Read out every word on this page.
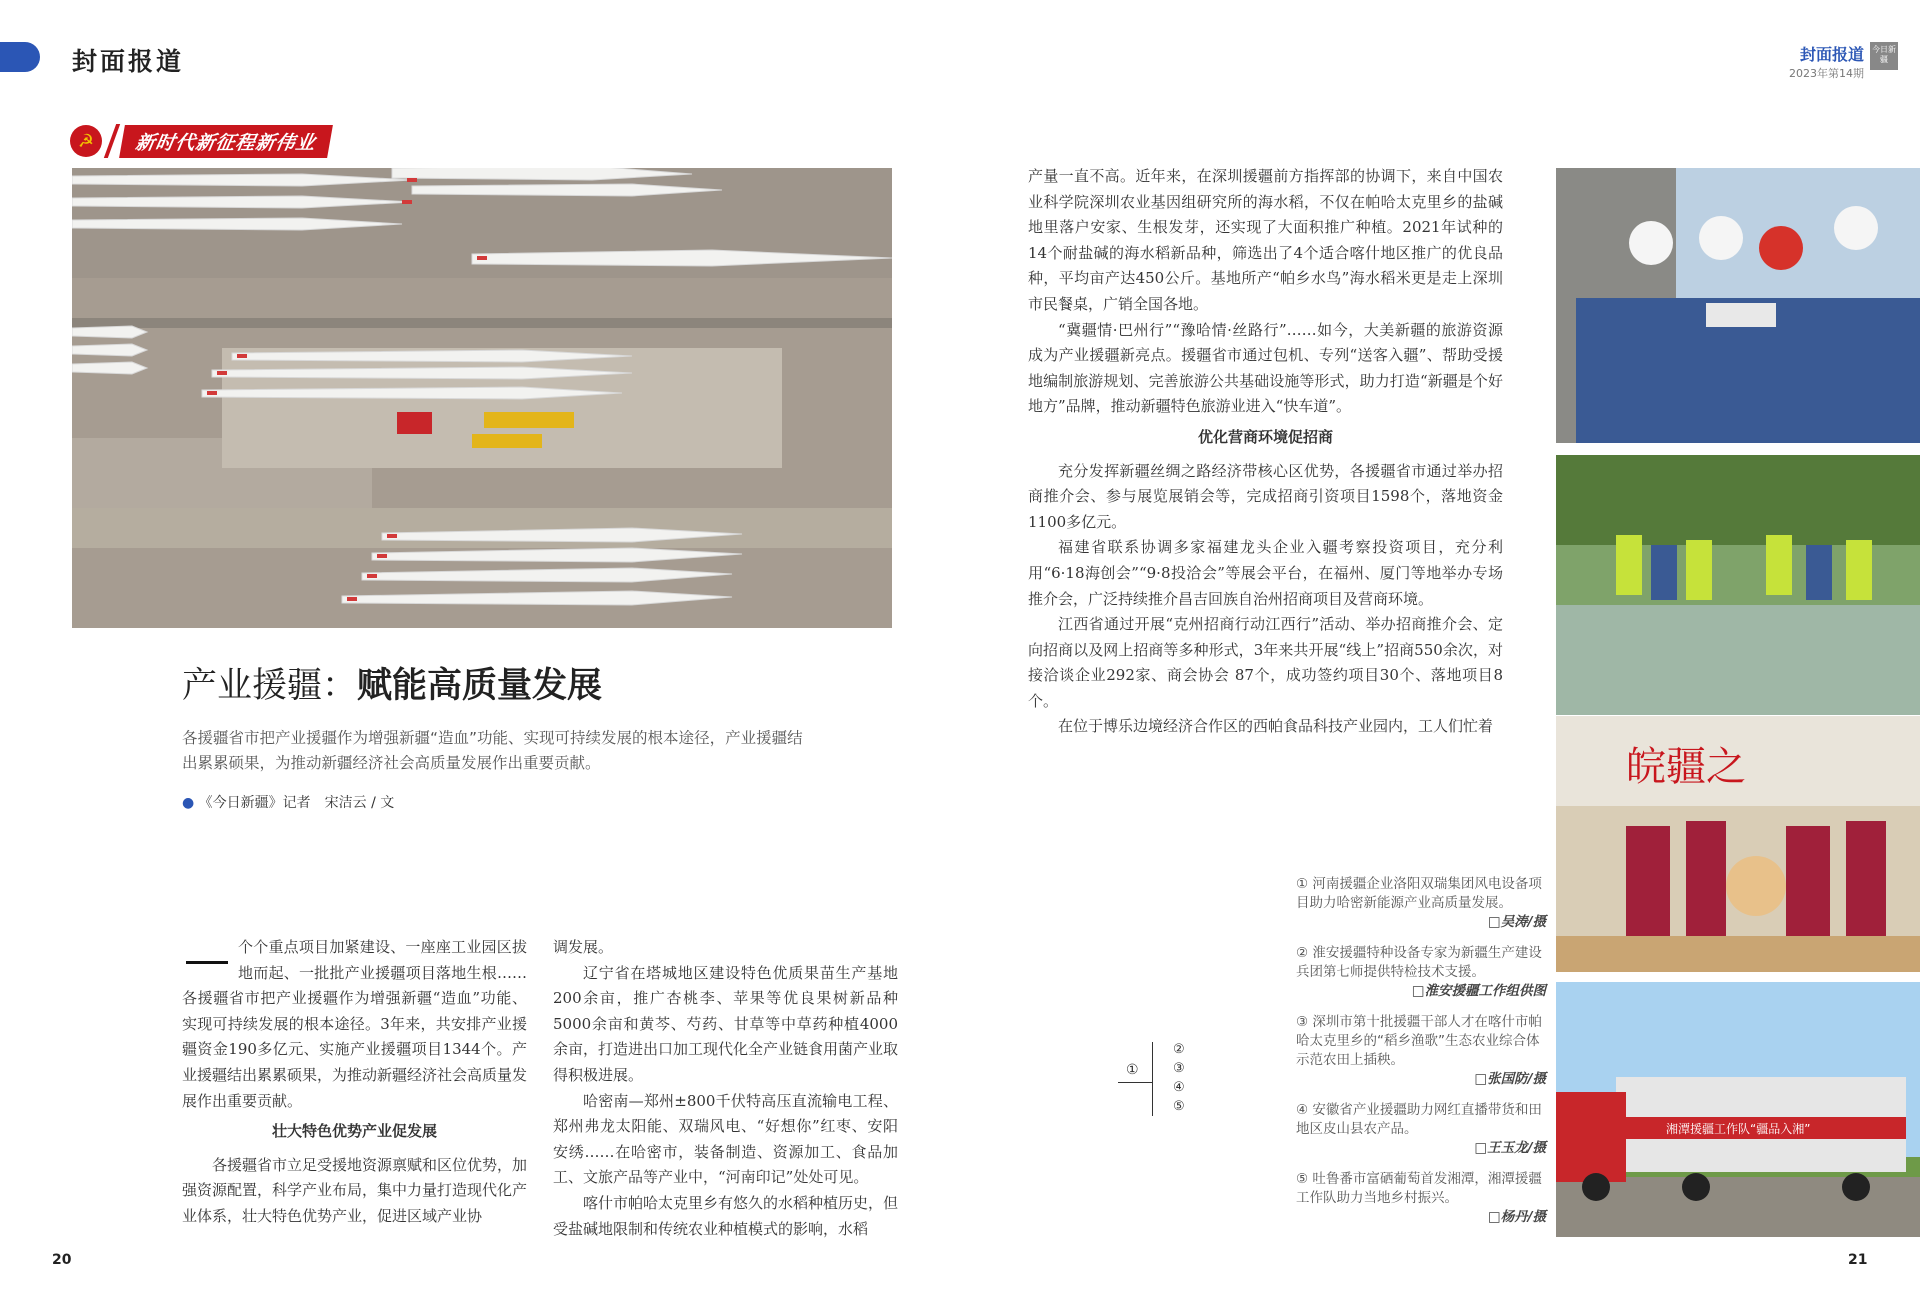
封面报道	封面报道
2023年第14期
今日新疆
☭	新时代新征程新伟业
产业援疆：赋能高质量发展
各援疆省市把产业援疆作为增强新疆“造血”功能、实现可持续发展的根本途径，产业援疆结出累累硕果，为推动新疆经济社会高质量发展作出重要贡献。
● 《今日新疆》记者　宋洁云 / 文

个个重点项目加紧建设、一座座工业园区拔地而起、一批批产业援疆项目落地生根……各援疆省市把产业援疆作为增强新疆“造血”功能、实现可持续发展的根本途径。3年来，共安排产业援疆资金190多亿元、实施产业援疆项目1344个。产业援疆结出累累硕果，为推动新疆经济社会高质量发展作出重要贡献。

壮大特色优势产业促发展

各援疆省市立足受援地资源禀赋和区位优势，加强资源配置，科学产业布局，集中力量打造现代化产业体系，壮大特色优势产业，促进区域产业协

调发展。

辽宁省在塔城地区建设特色优质果苗生产基地200余亩，推广杏桃李、苹果等优良果树新品种5000余亩和黄芩、芍药、甘草等中草药种植4000余亩，打造进出口加工现代化全产业链食用菌产业取得积极进展。

哈密南—郑州±800千伏特高压直流输电工程、郑州弗龙太阳能、双瑞风电、“好想你”红枣、安阳安绣……在哈密市，装备制造、资源加工、食品加工、文旅产品等产业中，“河南印记”处处可见。

喀什市帕哈太克里乡有悠久的水稻种植历史，但受盐碱地限制和传统农业种植模式的影响，水稻

产量一直不高。近年来，在深圳援疆前方指挥部的协调下，来自中国农业科学院深圳农业基因组研究所的海水稻，不仅在帕哈太克里乡的盐碱地里落户安家、生根发芽，还实现了大面积推广种植。2021年试种的14个耐盐碱的海水稻新品种，筛选出了4个适合喀什地区推广的优良品种，平均亩产达450公斤。基地所产“帕乡水鸟”海水稻米更是走上深圳市民餐桌，广销全国各地。

“冀疆情·巴州行”“豫哈情·丝路行”……如今，大美新疆的旅游资源成为产业援疆新亮点。援疆省市通过包机、专列“送客入疆”、帮助受援地编制旅游规划、完善旅游公共基础设施等形式，助力打造“新疆是个好地方”品牌，推动新疆特色旅游业进入“快车道”。

优化营商环境促招商

充分发挥新疆丝绸之路经济带核心区优势，各援疆省市通过举办招商推介会、参与展览展销会等，完成招商引资项目1598个，落地资金1100多亿元。

福建省联系协调多家福建龙头企业入疆考察投资项目，充分利用“6·18海创会”“9·8投洽会”等展会平台，在福州、厦门等地举办专场推介会，广泛持续推介昌吉回族自治州招商项目及营商环境。

江西省通过开展“克州招商行动江西行”活动、举办招商推介会、定向招商以及网上招商等多种形式，3年来共开展“线上”招商550余次，对接洽谈企业292家、商会协会 87个，成功签约项目30个、落地项目8个。

在位于博乐边境经济合作区的西帕食品科技产业园内，工人们忙着

皖疆之
湘潭援疆工作队“疆品入湘”
①
②
③
④
⑤
① 河南援疆企业洛阳双瑞集团风电设备项目助力哈密新能源产业高质量发展。
□吴涛/摄
② 淮安援疆特种设备专家为新疆生产建设兵团第七师提供特检技术支援。
□淮安援疆工作组供图
③ 深圳市第十批援疆干部人才在喀什市帕哈太克里乡的“稻乡渔歌”生态农业综合体示范农田上插秧。
□张国防/摄
④ 安徽省产业援疆助力网红直播带货和田地区皮山县农产品。
□王玉龙/摄
⑤ 吐鲁番市富硒葡萄首发湘潭，湘潭援疆工作队助力当地乡村振兴。
□杨丹/摄
20	21
